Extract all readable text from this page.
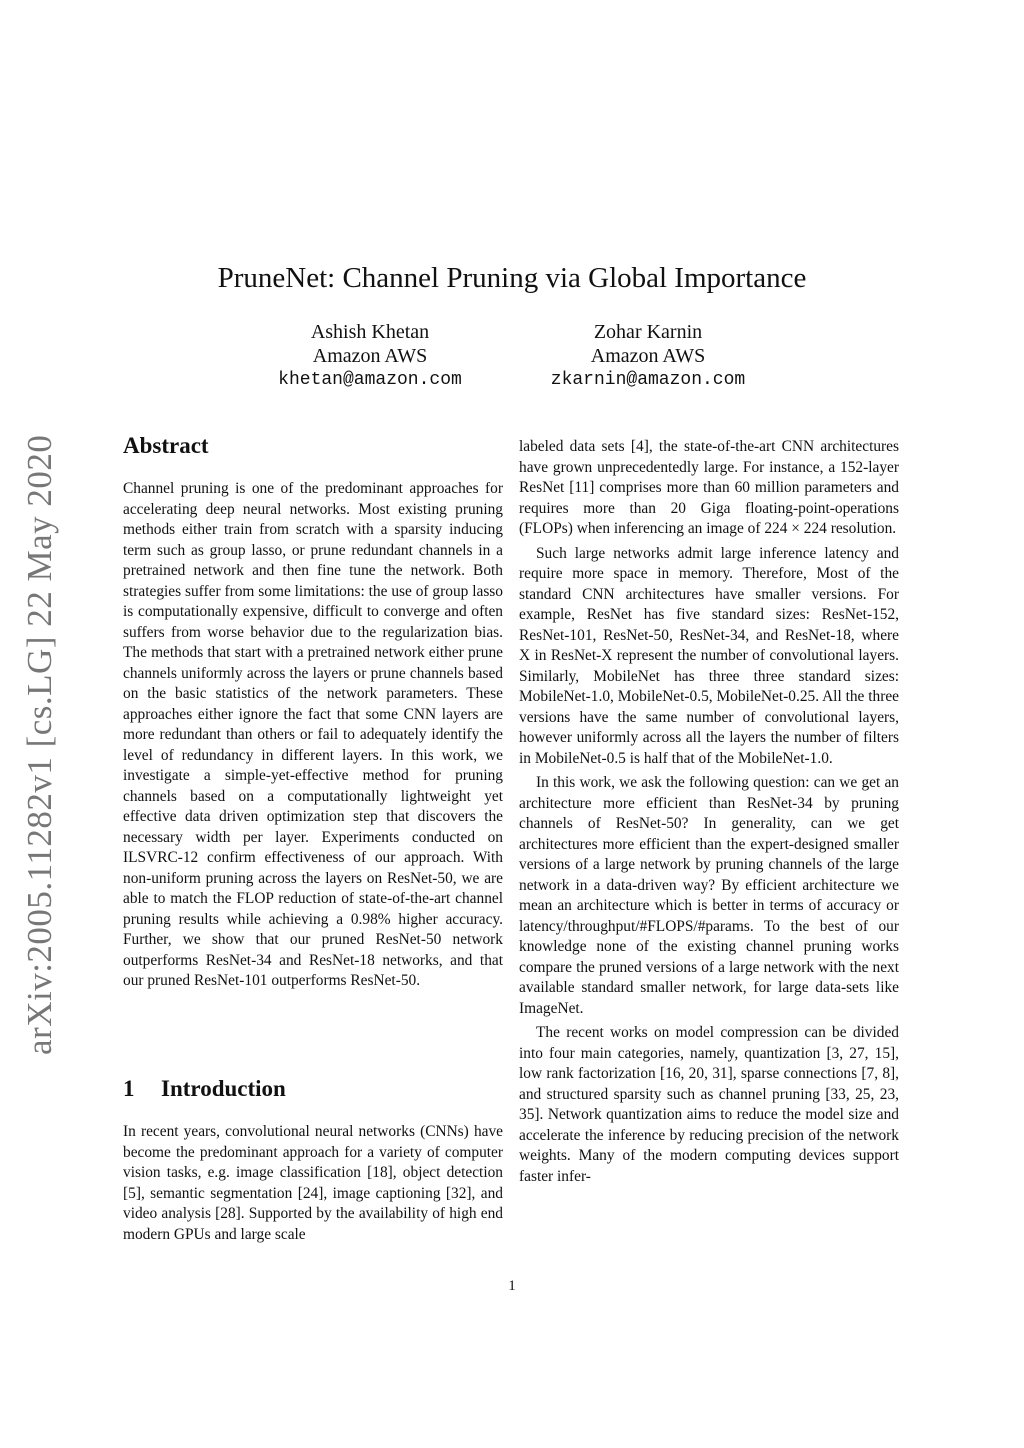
arXiv:2005.11282v1 [cs.LG] 22 May 2020
PruneNet: Channel Pruning via Global Importance
Ashish Khetan
Amazon AWS
khetan@amazon.com
Zohar Karnin
Amazon AWS
zkarnin@amazon.com
Abstract

Channel pruning is one of the predominant approaches for accelerating deep neural networks. Most existing pruning methods either train from scratch with a sparsity inducing term such as group lasso, or prune redundant channels in a pretrained network and then fine tune the network. Both strategies suffer from some limitations: the use of group lasso is computationally expensive, difficult to converge and often suffers from worse behavior due to the regularization bias. The methods that start with a pretrained network either prune channels uniformly across the layers or prune channels based on the basic statistics of the network parameters. These approaches either ignore the fact that some CNN layers are more redundant than others or fail to adequately identify the level of redundancy in different layers. In this work, we investigate a simple-yet-effective method for pruning channels based on a computationally lightweight yet effective data driven optimization step that discovers the necessary width per layer. Experiments conducted on ILSVRC-12 confirm effectiveness of our approach. With non-uniform pruning across the layers on ResNet-50, we are able to match the FLOP reduction of state-of-the-art channel pruning results while achieving a 0.98% higher accuracy. Further, we show that our pruned ResNet-50 network outperforms ResNet-34 and ResNet-18 networks, and that our pruned ResNet-101 outperforms ResNet-50.

1 Introduction

In recent years, convolutional neural networks (CNNs) have become the predominant approach for a variety of computer vision tasks, e.g. image classification [18], object detection [5], semantic segmentation [24], image captioning [32], and video analysis [28]. Supported by the availability of high end modern GPUs and large scale

labeled data sets [4], the state-of-the-art CNN architectures have grown unprecedentedly large. For instance, a 152-layer ResNet [11] comprises more than 60 million parameters and requires more than 20 Giga floating-point-operations (FLOPs) when inferencing an image of 224 × 224 resolution.

Such large networks admit large inference latency and require more space in memory. Therefore, Most of the standard CNN architectures have smaller versions. For example, ResNet has five standard sizes: ResNet-152, ResNet-101, ResNet-50, ResNet-34, and ResNet-18, where X in ResNet-X represent the number of convolutional layers. Similarly, MobileNet has three three standard sizes: MobileNet-1.0, MobileNet-0.5, MobileNet-0.25. All the three versions have the same number of convolutional layers, however uniformly across all the layers the number of filters in MobileNet-0.5 is half that of the MobileNet-1.0.

In this work, we ask the following question: can we get an architecture more efficient than ResNet-34 by pruning channels of ResNet-50? In generality, can we get architectures more efficient than the expert-designed smaller versions of a large network by pruning channels of the large network in a data-driven way? By efficient architecture we mean an architecture which is better in terms of accuracy or latency/throughput/#FLOPS/#params. To the best of our knowledge none of the existing channel pruning works compare the pruned versions of a large network with the next available standard smaller network, for large data-sets like ImageNet.

The recent works on model compression can be divided into four main categories, namely, quantization [3, 27, 15], low rank factorization [16, 20, 31], sparse connections [7, 8], and structured sparsity such as channel pruning [33, 25, 23, 35]. Network quantization aims to reduce the model size and accelerate the inference by reducing precision of the network weights. Many of the modern computing devices support faster infer-

1
